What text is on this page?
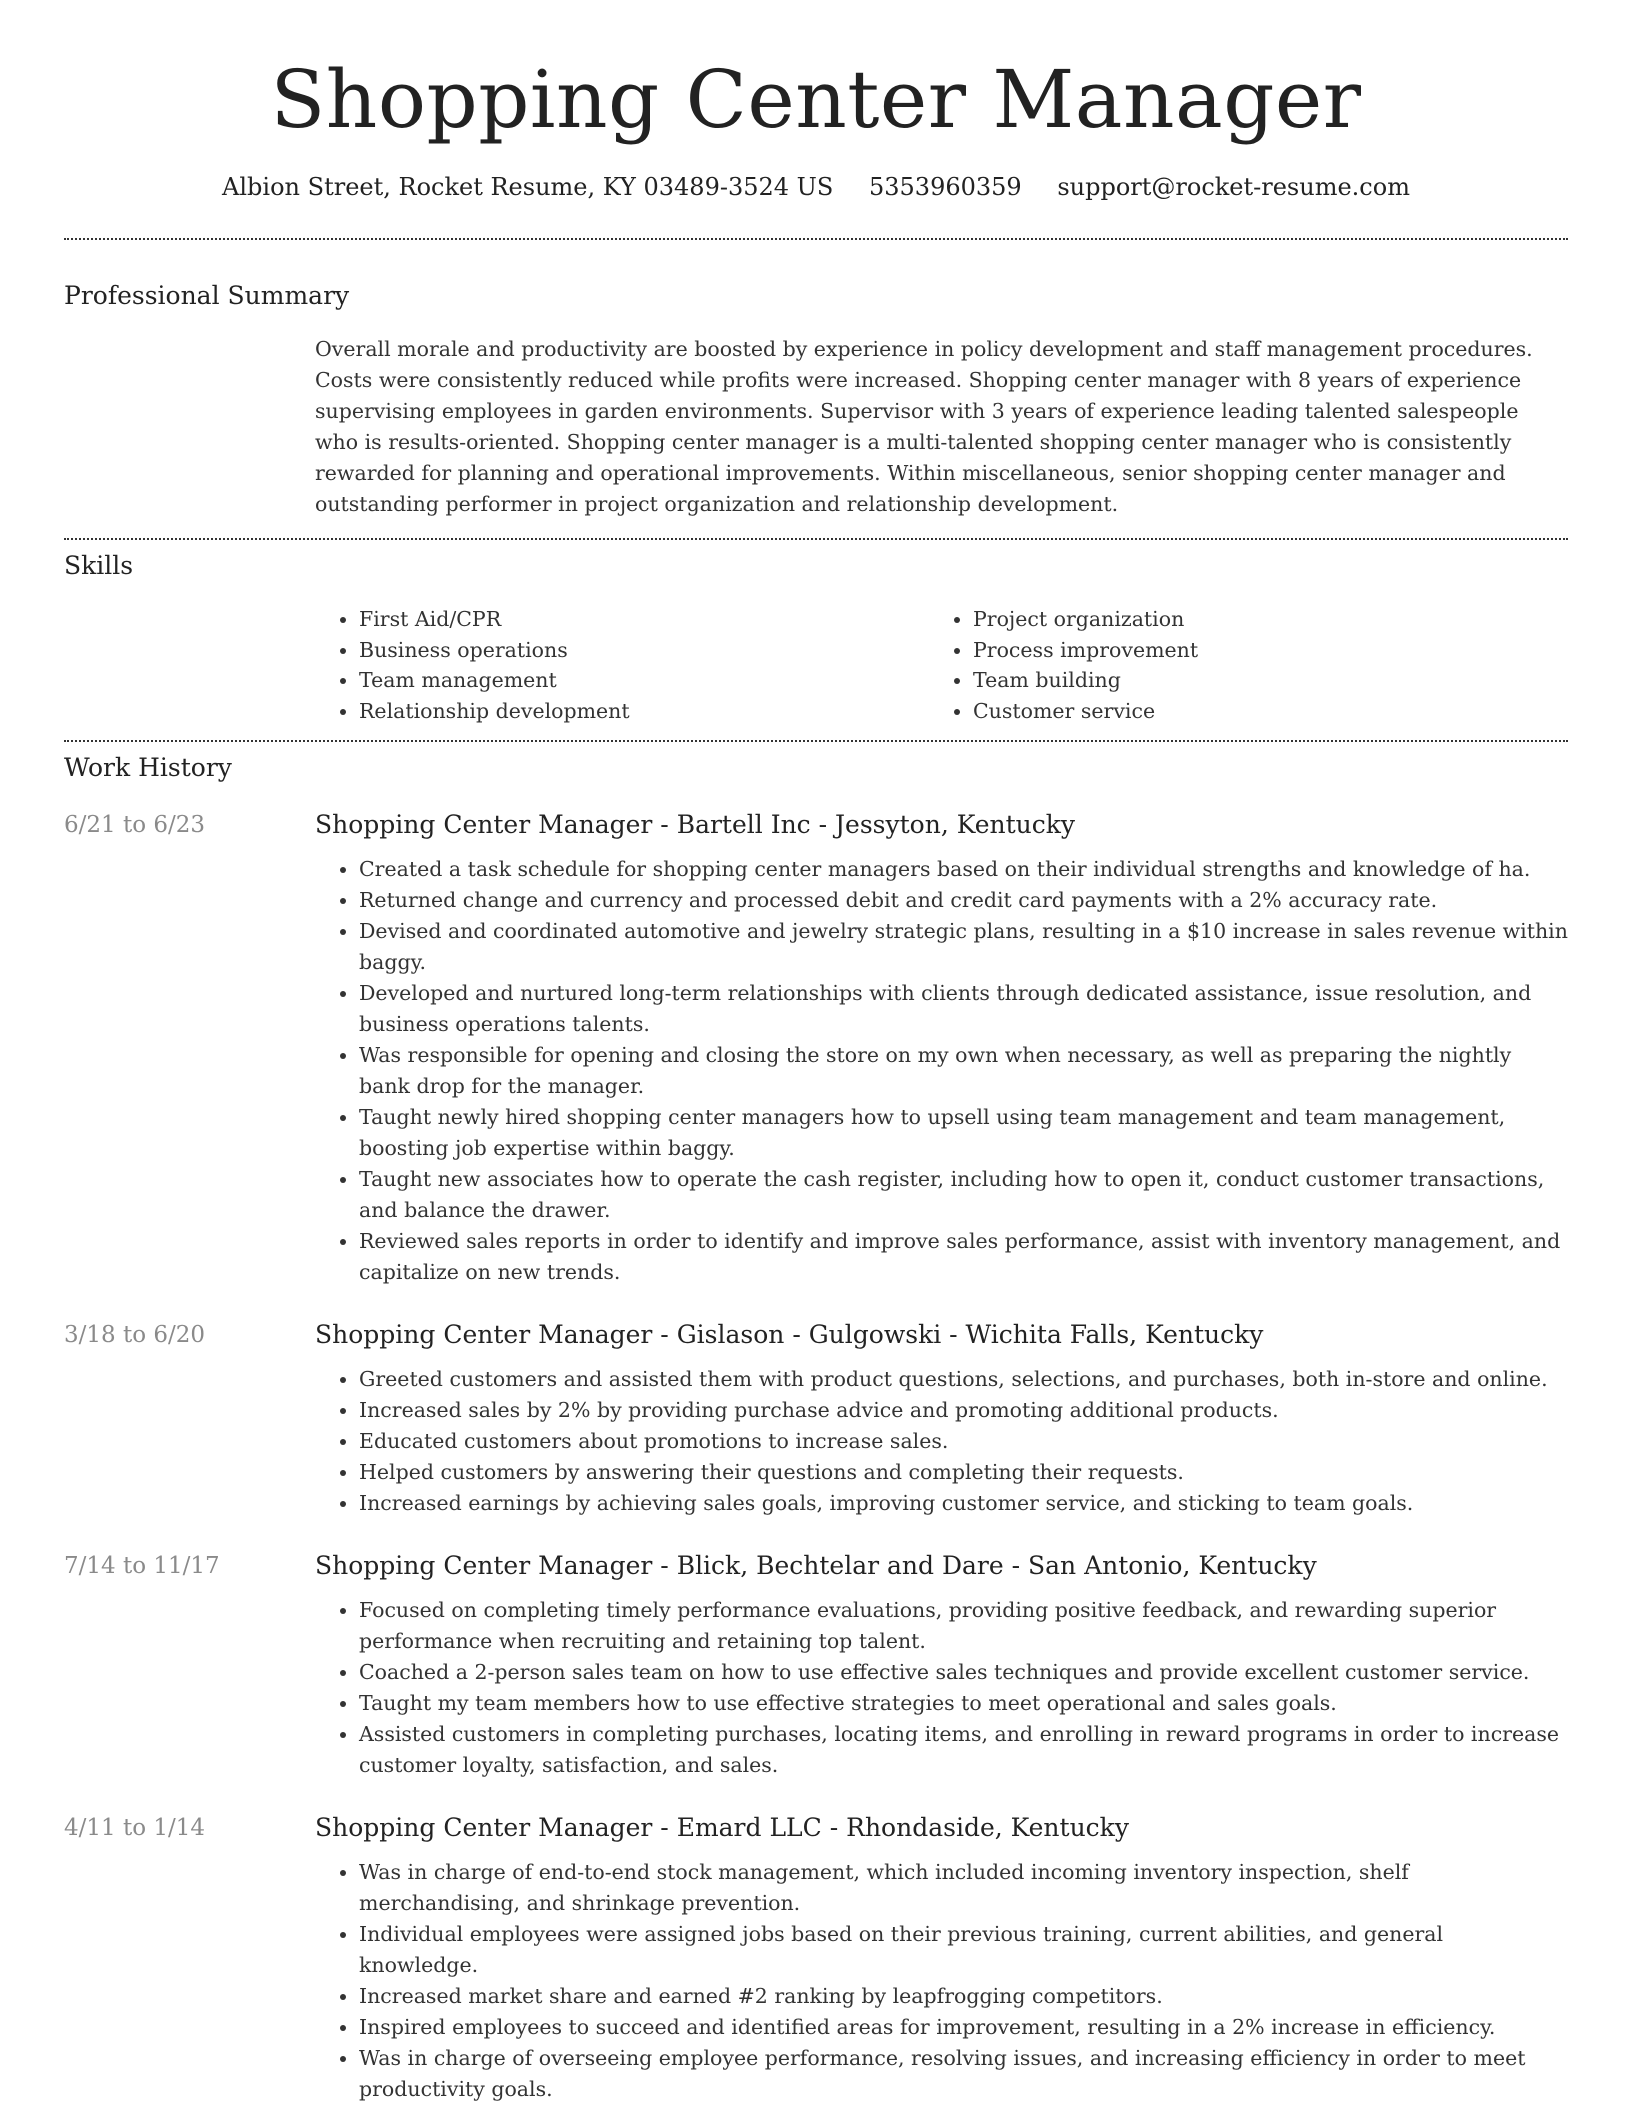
Shopping Center Manager
Albion Street, Rocket Resume, KY 03489-3524 US 5353960359 support@rocket-resume.com
Professional Summary

Overall morale and productivity are boosted by experience in policy development and staff management procedures. Costs were consistently reduced while profits were increased. Shopping center manager with 8 years of experience supervising employees in garden environments. Supervisor with 3 years of experience leading talented salespeople who is results-oriented. Shopping center manager is a multi-talented shopping center manager who is consistently rewarded for planning and operational improvements. Within miscellaneous, senior shopping center manager and outstanding performer in project organization and relationship development.

Skills
• First Aid/CPR
• Business operations
• Team management
• Relationship development
• Project organization
• Process improvement
• Team building
• Customer service
Work History
6/21 to 6/23	Shopping Center Manager - Bartell Inc - Jessyton, Kentucky
• Created a task schedule for shopping center managers based on their individual strengths and knowledge of ha.
• Returned change and currency and processed debit and credit card payments with a 2% accuracy rate.
• Devised and coordinated automotive and jewelry strategic plans, resulting in a $10 increase in sales revenue within baggy.
• Developed and nurtured long-term relationships with clients through dedicated assistance, issue resolution, and business operations talents.
• Was responsible for opening and closing the store on my own when necessary, as well as preparing the nightly bank drop for the manager.
• Taught newly hired shopping center managers how to upsell using team management and team management, boosting job expertise within baggy.
• Taught new associates how to operate the cash register, including how to open it, conduct customer transactions, and balance the drawer.
• Reviewed sales reports in order to identify and improve sales performance, assist with inventory management, and capitalize on new trends.
3/18 to 6/20	Shopping Center Manager - Gislason - Gulgowski - Wichita Falls, Kentucky
• Greeted customers and assisted them with product questions, selections, and purchases, both in-store and online.
• Increased sales by 2% by providing purchase advice and promoting additional products.
• Educated customers about promotions to increase sales.
• Helped customers by answering their questions and completing their requests.
• Increased earnings by achieving sales goals, improving customer service, and sticking to team goals.
7/14 to 11/17	Shopping Center Manager - Blick, Bechtelar and Dare - San Antonio, Kentucky
• Focused on completing timely performance evaluations, providing positive feedback, and rewarding superior performance when recruiting and retaining top talent.
• Coached a 2-person sales team on how to use effective sales techniques and provide excellent customer service.
• Taught my team members how to use effective strategies to meet operational and sales goals.
• Assisted customers in completing purchases, locating items, and enrolling in reward programs in order to increase customer loyalty, satisfaction, and sales.
4/11 to 1/14	Shopping Center Manager - Emard LLC - Rhondaside, Kentucky
• Was in charge of end-to-end stock management, which included incoming inventory inspection, shelf merchandising, and shrinkage prevention.
• Individual employees were assigned jobs based on their previous training, current abilities, and general knowledge.
• Increased market share and earned #2 ranking by leapfrogging competitors.
• Inspired employees to succeed and identified areas for improvement, resulting in a 2% increase in efficiency.
• Was in charge of overseeing employee performance, resolving issues, and increasing efficiency in order to meet productivity goals.
